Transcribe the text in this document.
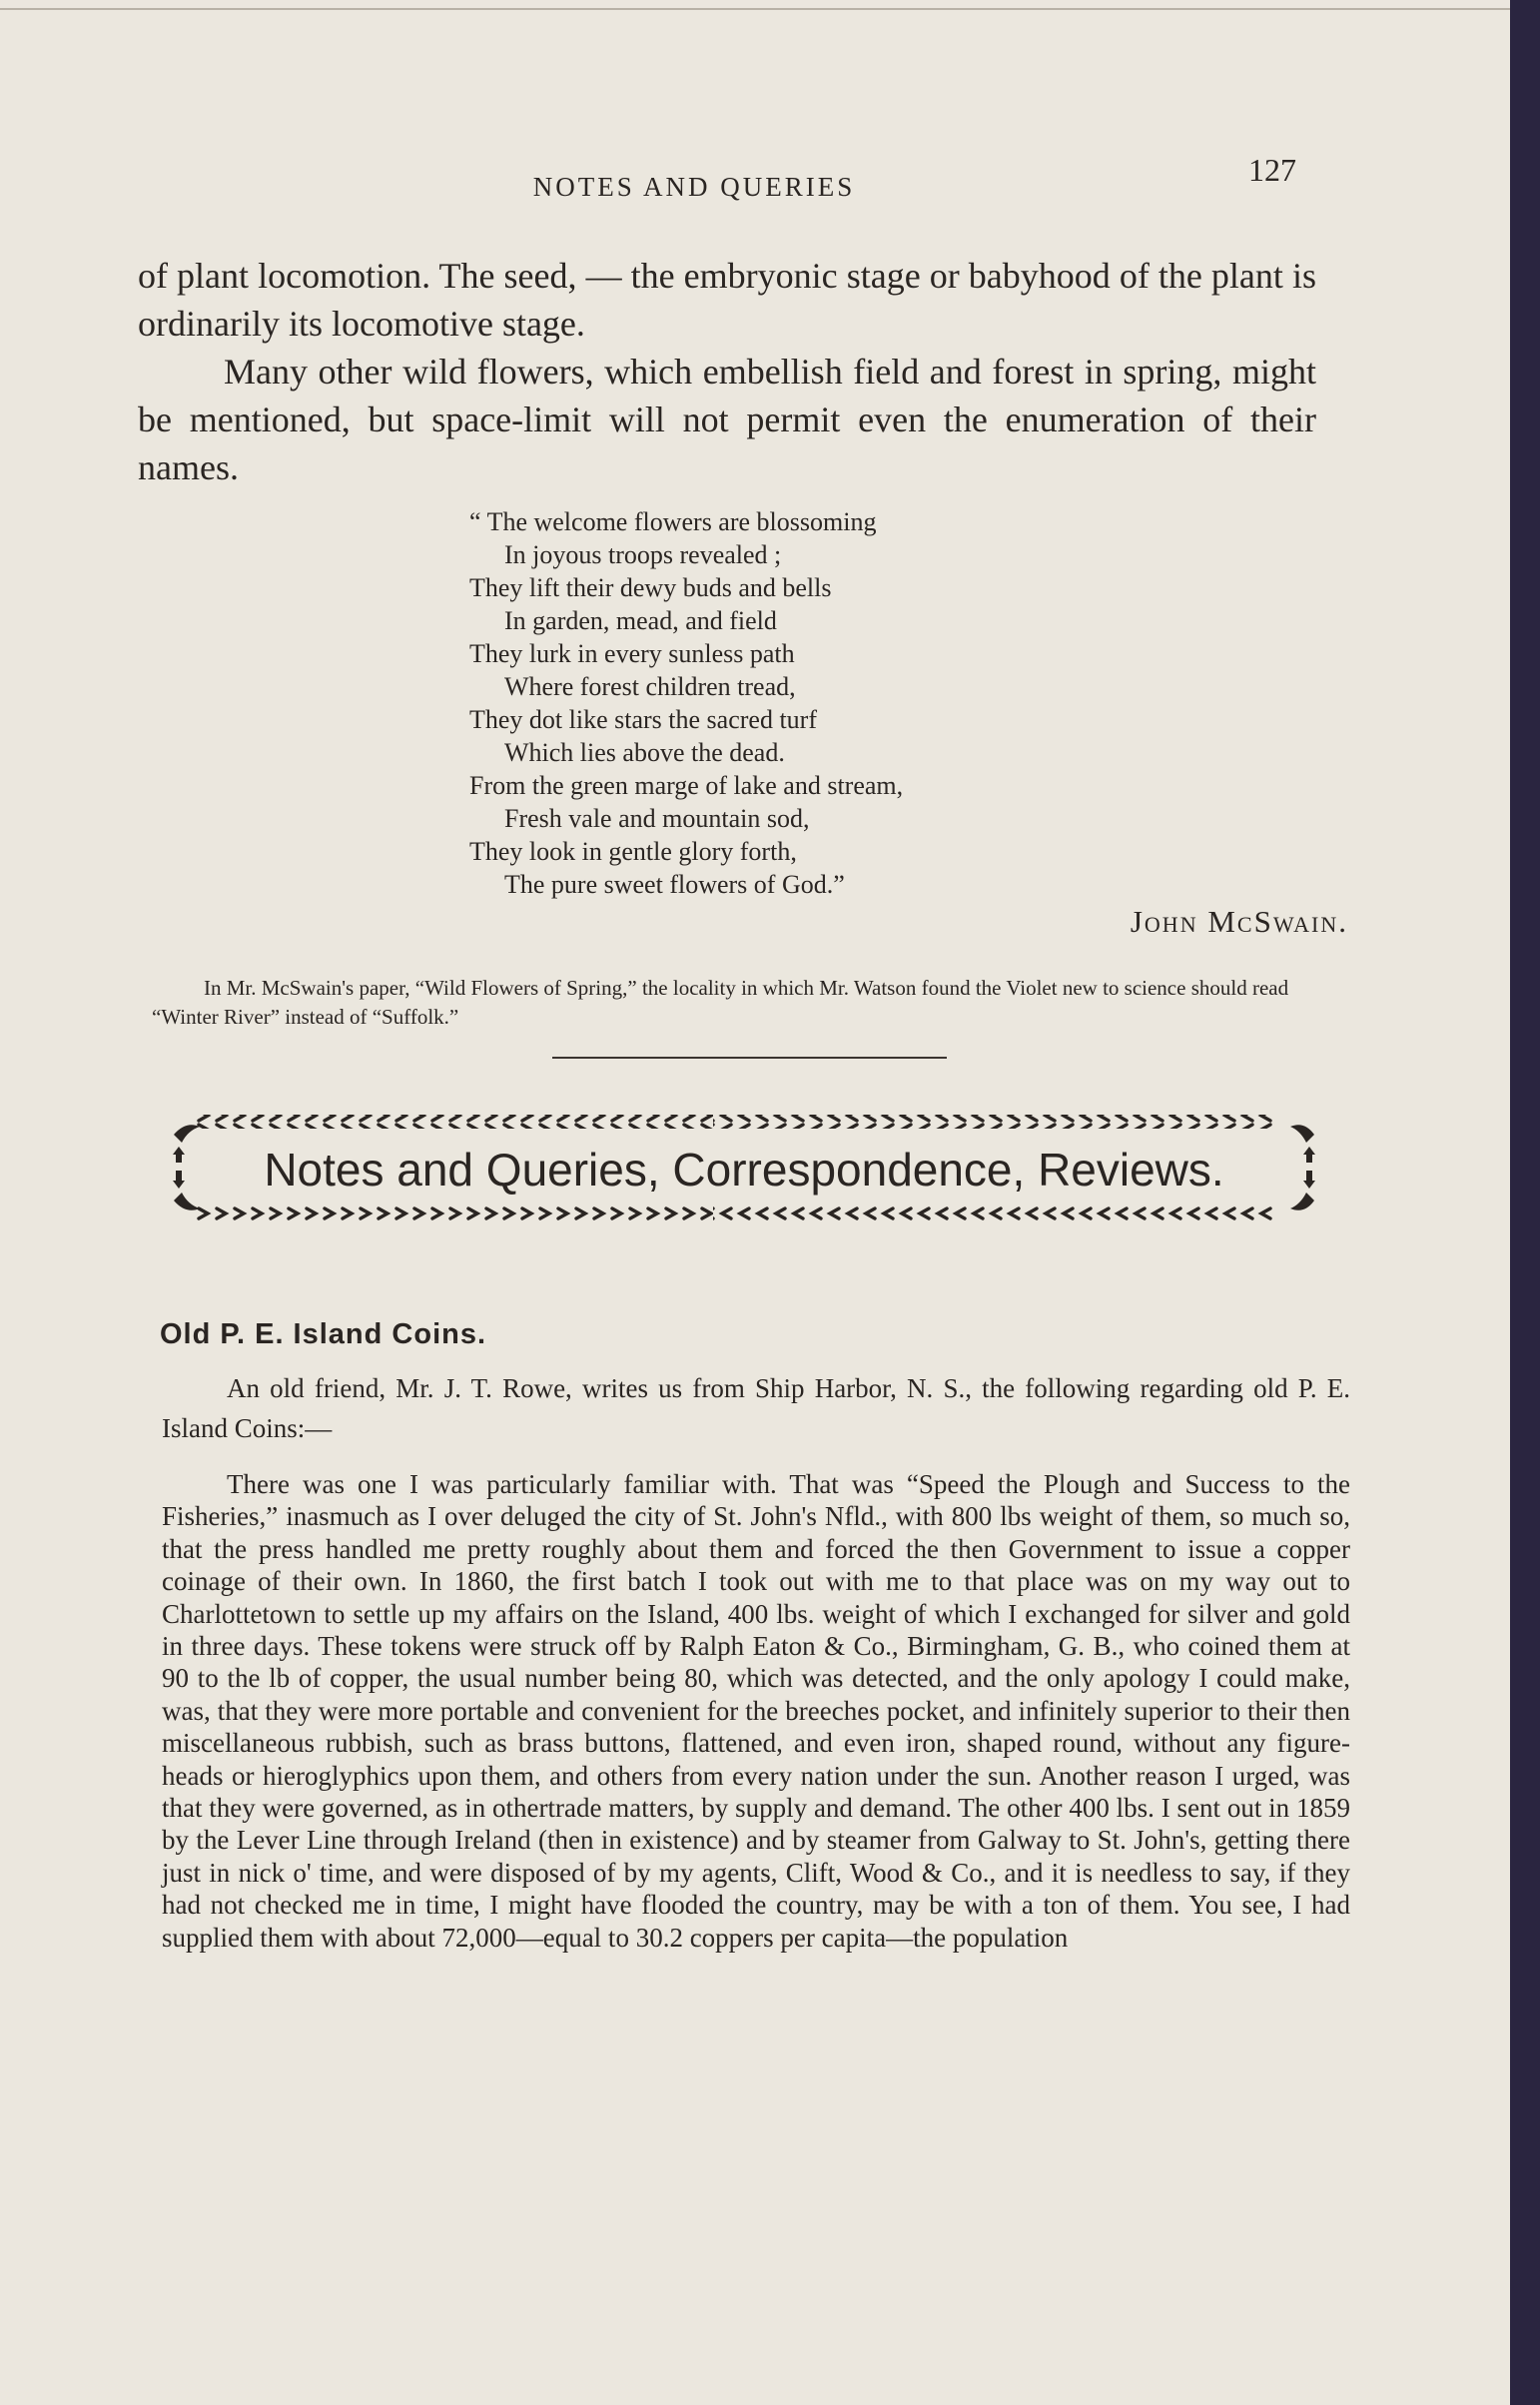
NOTES AND QUERIES	127

of plant locomotion. The seed, — the embryonic stage or babyhood of the plant is ordinarily its locomotive stage.

Many other wild flowers, which embellish field and forest in spring, might be mentioned, but space-limit will not permit even the enumeration of their names.

“ The welcome flowers are blossoming
In joyous troops revealed ;
They lift their dewy buds and bells
In garden, mead, and field
They lurk in every sunless path
Where forest children tread,
They dot like stars the sacred turf
Which lies above the dead.
From the green marge of lake and stream,
Fresh vale and mountain sod,
They look in gentle glory forth,
The pure sweet flowers of God.”
John McSwain.

In Mr. McSwain's paper, “Wild Flowers of Spring,” the locality in which Mr. Watson found the Violet new to science should read “Winter River” instead of “Suffolk.”

Notes and Queries, Correspondence, Reviews.
Old P. E. Island Coins.

An old friend, Mr. J. T. Rowe, writes us from Ship Harbor, N. S., the following regarding old P. E. Island Coins:—

There was one I was particularly familiar with. That was “Speed the Plough and Success to the Fisheries,” inasmuch as I over deluged the city of St. John's Nfld., with 800 lbs weight of them, so much so, that the press handled me pretty roughly about them and forced the then Government to issue a copper coinage of their own. In 1860, the first batch I took out with me to that place was on my way out to Charlottetown to settle up my affairs on the Island, 400 lbs. weight of which I exchanged for silver and gold in three days. These tokens were struck off by Ralph Eaton & Co., Birmingham, G. B., who coined them at 90 to the lb of copper, the usual number being 80, which was detected, and the only apology I could make, was, that they were more portable and convenient for the breeches pocket, and infinitely superior to their then miscellaneous rubbish, such as brass buttons, flattened, and even iron, shaped round, without any figure-heads or hieroglyphics upon them, and others from every nation under the sun. Another reason I urged, was that they were governed, as in othertrade matters, by supply and demand. The other 400 lbs. I sent out in 1859 by the Lever Line through Ireland (then in existence) and by steamer from Galway to St. John's, getting there just in nick o' time, and were disposed of by my agents, Clift, Wood & Co., and it is needless to say, if they had not checked me in time, I might have flooded the country, may be with a ton of them. You see, I had supplied them with about 72,000—equal to 30.2 coppers per capita—the population
